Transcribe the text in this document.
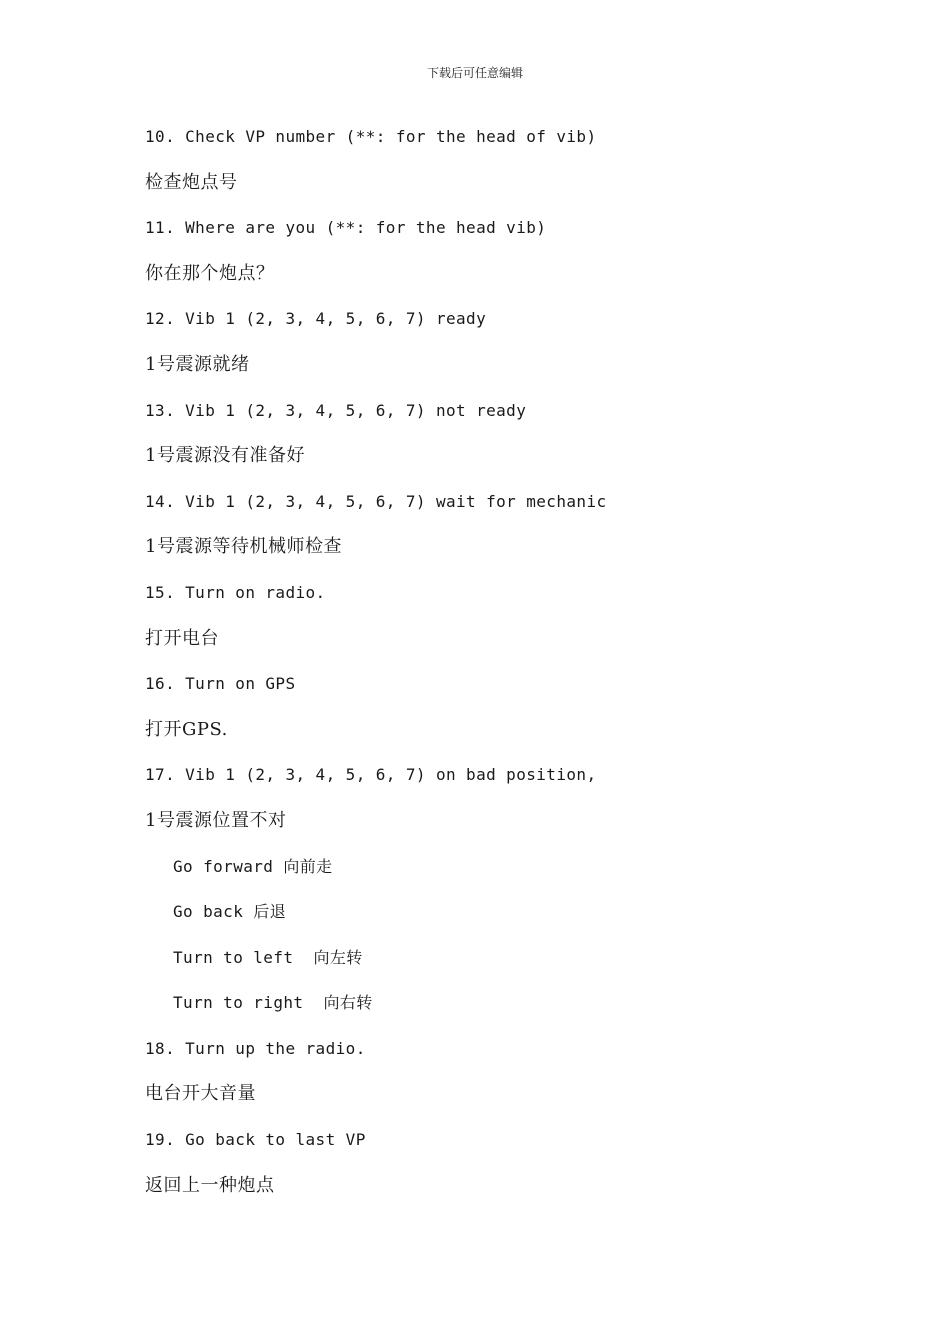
下载后可任意编辑
10. Check VP number (**: for the head of vib)
检查炮点号
11. Where are you (**: for the head vib)
你在那个炮点？
12. Vib 1 (2, 3, 4, 5, 6, 7) ready
1号震源就绪
13. Vib 1 (2, 3, 4, 5, 6, 7) not ready
1号震源没有准备好
14. Vib 1 (2, 3, 4, 5, 6, 7) wait for mechanic
1号震源等待机械师检查
15. Turn on radio.
打开电台
16. Turn on GPS
打开GPS.
17. Vib 1 (2, 3, 4, 5, 6, 7) on bad position,
1号震源位置不对
Go forward 向前走
Go back 后退
Turn to left  向左转
Turn to right  向右转
18. Turn up the radio.
电台开大音量
19. Go back to last VP
返回上一种炮点
